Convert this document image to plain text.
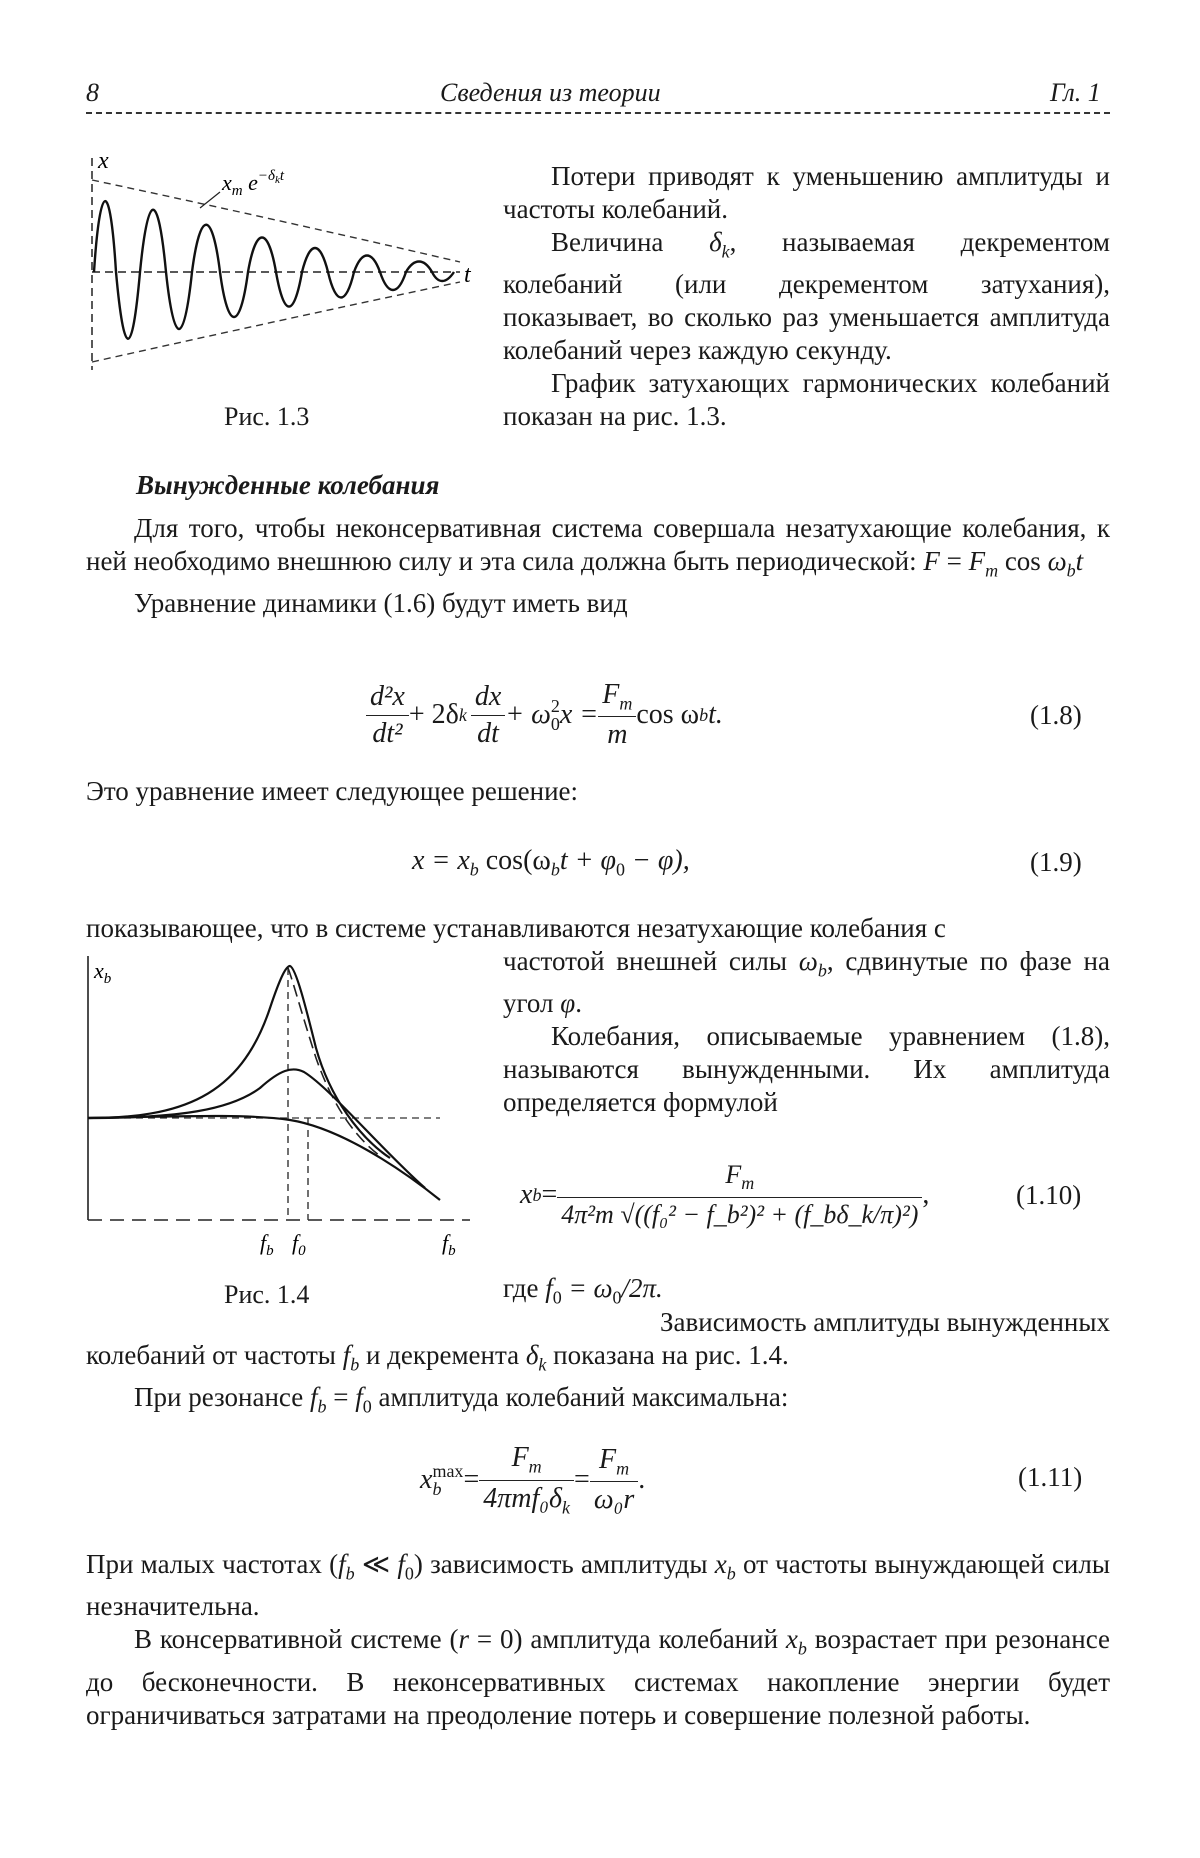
8	Сведения из теории	Гл. 1
x
t
$x_m$ $e^{-\delta}kt$
Рис. 1.3

Потери приводят к уменьшению амплитуды и частоты колебаний.

Величина $\delta_k$, называемая декрементом колебаний (или декрементом затухания), показывает, во сколько раз уменьшается амплитуда колебаний через каждую секунду.

График затухающих гармонических колебаний показан на рис. 1.3.

Вынужденные колебания

Для того, чтобы неконсервативная система совершала незатухающие колебания, к ней необходимо внешнюю силу и эта сила должна быть периодической: $F = F_m$ $\cos \omega_bt$

Уравнение динамики (1.6) будут иметь вид

$\frac{\text{d²x}}{\text{dt²}} + 2\delta$ k $\frac{dx}{dt} + \omega$ 2
0 $x = \frac{F_m}{m}$ cos ω b t.	(1.8)
Это уравнение имеет следующее решение:
$x = x_b$ $\cos(\omega_bt + \varphi_0 - \varphi)$,	(1.9)
показывающее, что в системе устанавливаются незатухающие колебания с
$x_b$
$f_b$ $f_0$	$f_b$
Рис. 1.4

частотой внешней силы $\omega_b$, сдвинутые по фазе на угол φ.

Колебания, описываемые уравнением (1.8), называются вынужденными. Их амплитуда определяется формулой

x $b = \frac{F_m}{\text{4π²m √((f₀² − f\_b²)² + (f\_bδ\_k/π)²)}}$ ,	(1.10)
где $f_0 = \omega_0/2\pi$.

Зависимость амплитуды вынужденных

колебаний от частоты $f_b$ и декремента $\delta_k$ показана на рис. 1.4.

При резонансе $f_b = f_0$ амплитуда колебаний максимальна:

x max
$b = \frac{F_m}{4\pi mf_0\delta_k} = \frac{F_m}{\text{ω₀r}}$ .	(1.11)

При малых частотах ($f_b$ ≪ $f_0$) зависимость амплитуды $x_b$ от частоты вынуждающей силы незначительна.

В консервативной системе (r = 0) амплитуда колебаний $x_b$ возрастает при резонансе до бесконечности. В неконсервативных системах накопление энергии будет ограничиваться затратами на преодоление потерь и совершение полезной работы.
